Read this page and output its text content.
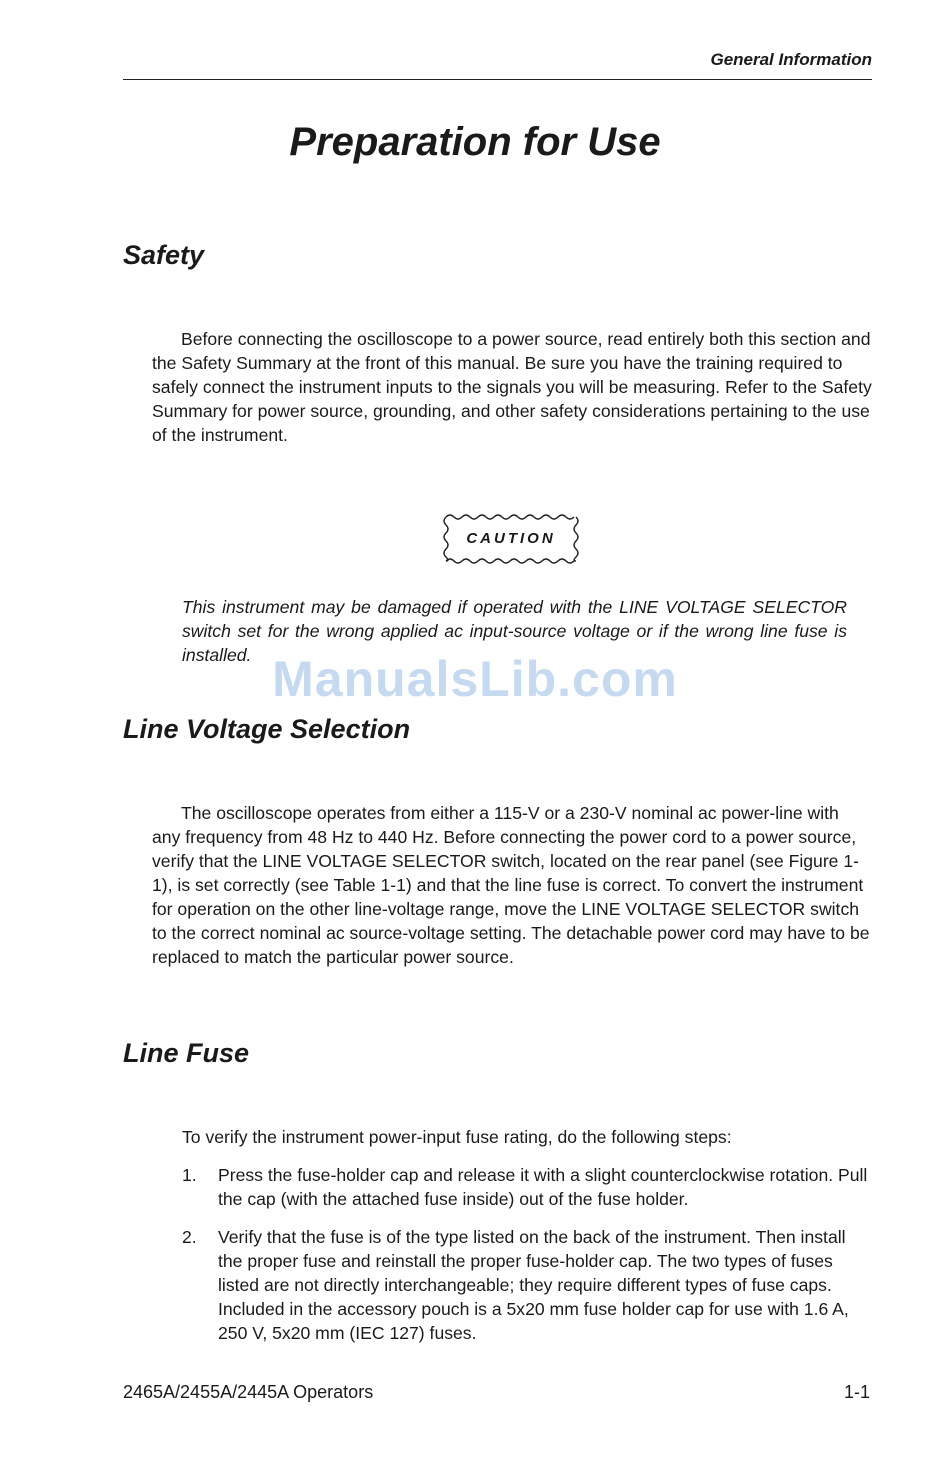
General Information
Preparation for Use
Safety

Before connecting the oscilloscope to a power source, read entirely both this section and the Safety Summary at the front of this manual. Be sure you have the training required to safely connect the instrument inputs to the signals you will be measuring. Refer to the Safety Summary for power source, grounding, and other safety considerations pertaining to the use of the instrument.

CAUTION

This instrument may be damaged if operated with the LINE VOLTAGE SELECTOR switch set for the wrong applied ac input-source voltage or if the wrong line fuse is installed. ManualsLib.com
Line Voltage Selection

The oscilloscope operates from either a 115-V or a 230-V nominal ac power-line with any frequency from 48 Hz to 440 Hz. Before connecting the power cord to a power source, verify that the LINE VOLTAGE SELECTOR switch, located on the rear panel (see Figure 1-1), is set correctly (see Table 1-1) and that the line fuse is correct. To convert the instrument for operation on the other line-voltage range, move the LINE VOLTAGE SELECTOR switch to the correct nominal ac source-voltage setting. The detachable power cord may have to be replaced to match the particular power source.

Line Fuse

To verify the instrument power-input fuse rating, do the following steps:

1. Press the fuse-holder cap and release it with a slight counterclockwise rotation. Pull the cap (with the attached fuse inside) out of the fuse holder.
2. Verify that the fuse is of the type listed on the back of the instrument. Then install the proper fuse and reinstall the proper fuse-holder cap. The two types of fuses listed are not directly interchangeable; they require different types of fuse caps. Included in the accessory pouch is a 5x20 mm fuse holder cap for use with 1.6 A, 250 V, 5x20 mm (IEC 127) fuses.
2465A/2455A/2445A Operators	1-1
